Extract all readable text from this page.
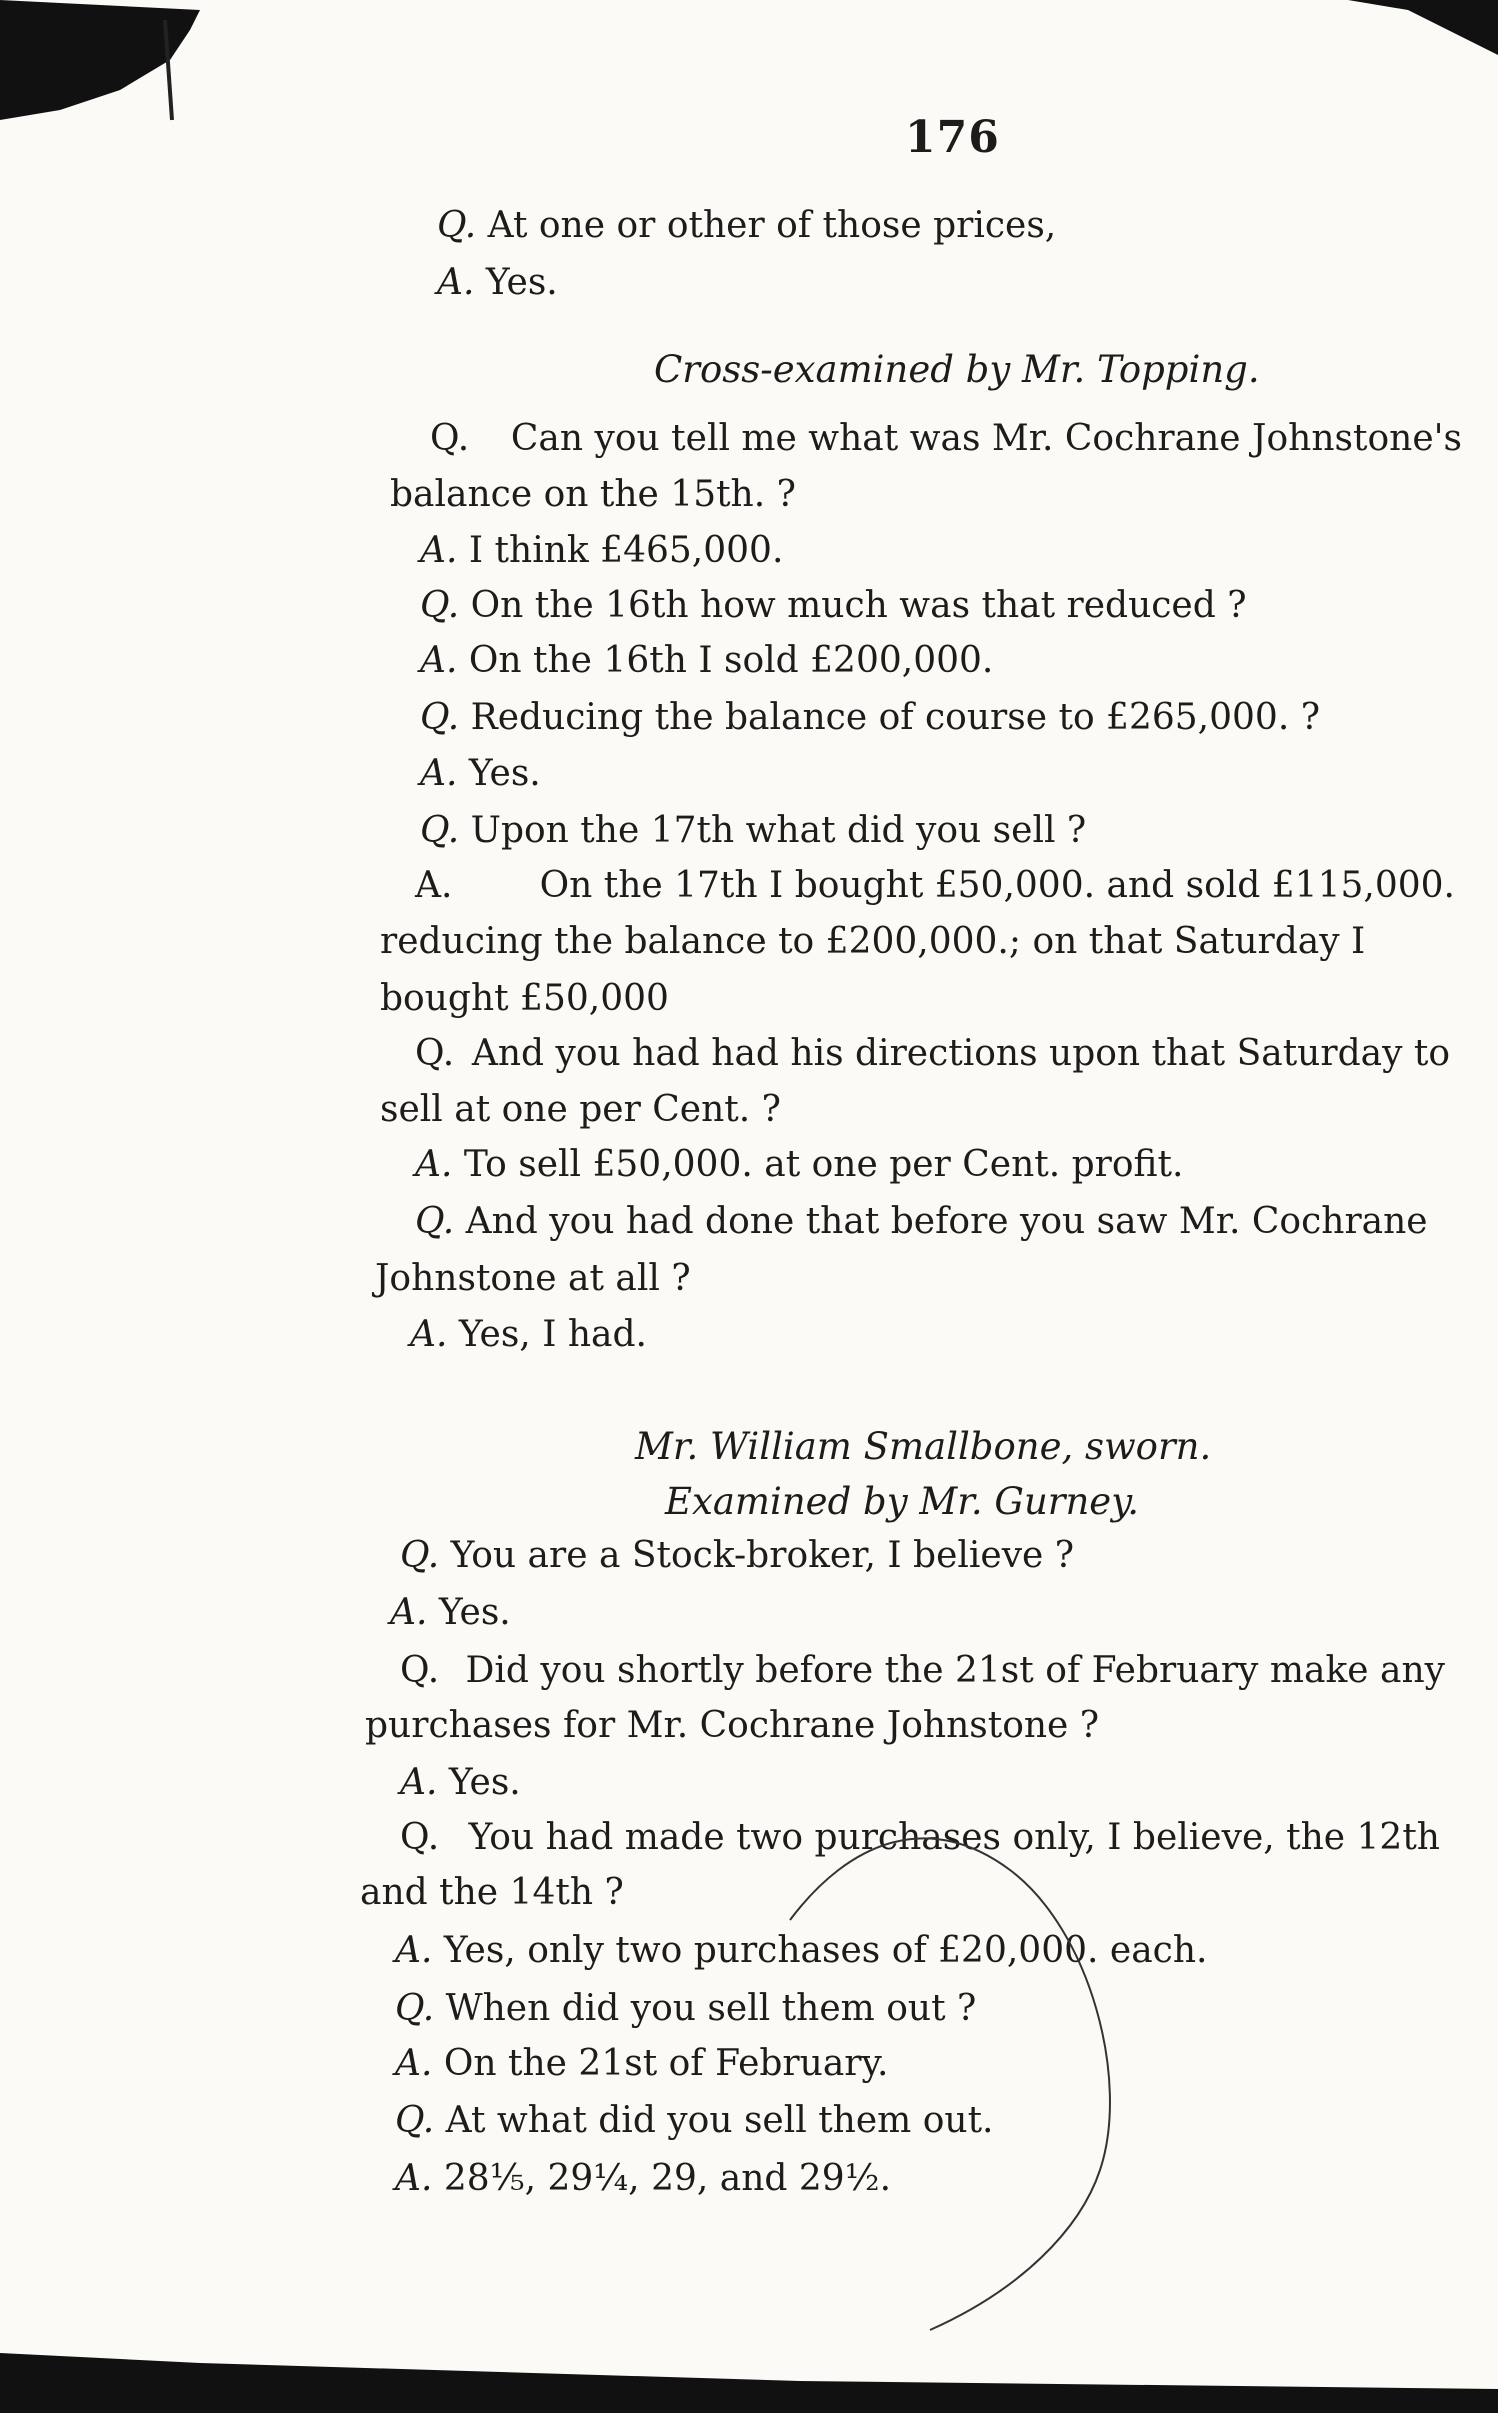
176
Q. At one or other of those prices,
A. Yes.
Cross-examined by Mr. Topping.
Q. Can you tell me what was Mr. Cochrane Johnstone's
balance on the 15th. ?
A. I think £465,000.
Q. On the 16th how much was that reduced ?
A. On the 16th I sold £200,000.
Q. Reducing the balance of course to £265,000. ?
A. Yes.
Q. Upon the 17th what did you sell ?
A. On the 17th I bought £50,000. and sold £115,000.
reducing the balance to £200,000.; on that Saturday I
bought £50,000
Q. And you had had his directions upon that Saturday to
sell at one per Cent. ?
A. To sell £50,000. at one per Cent. profit.
Q. And you had done that before you saw Mr. Cochrane
Johnstone at all ?
A. Yes, I had.
Mr. William Smallbone, sworn.
Examined by Mr. Gurney.
Q. You are a Stock-broker, I believe ?
A. Yes.
Q. Did you shortly before the 21st of February make any
purchases for Mr. Cochrane Johnstone ?
A. Yes.
Q. You had made two purchases only, I believe, the 12th
and the 14th ?
A. Yes, only two purchases of £20,000. each.
Q. When did you sell them out ?
A. On the 21st of February.
Q. At what did you sell them out.
A. 28⅕, 29¼, 29, and 29½.
